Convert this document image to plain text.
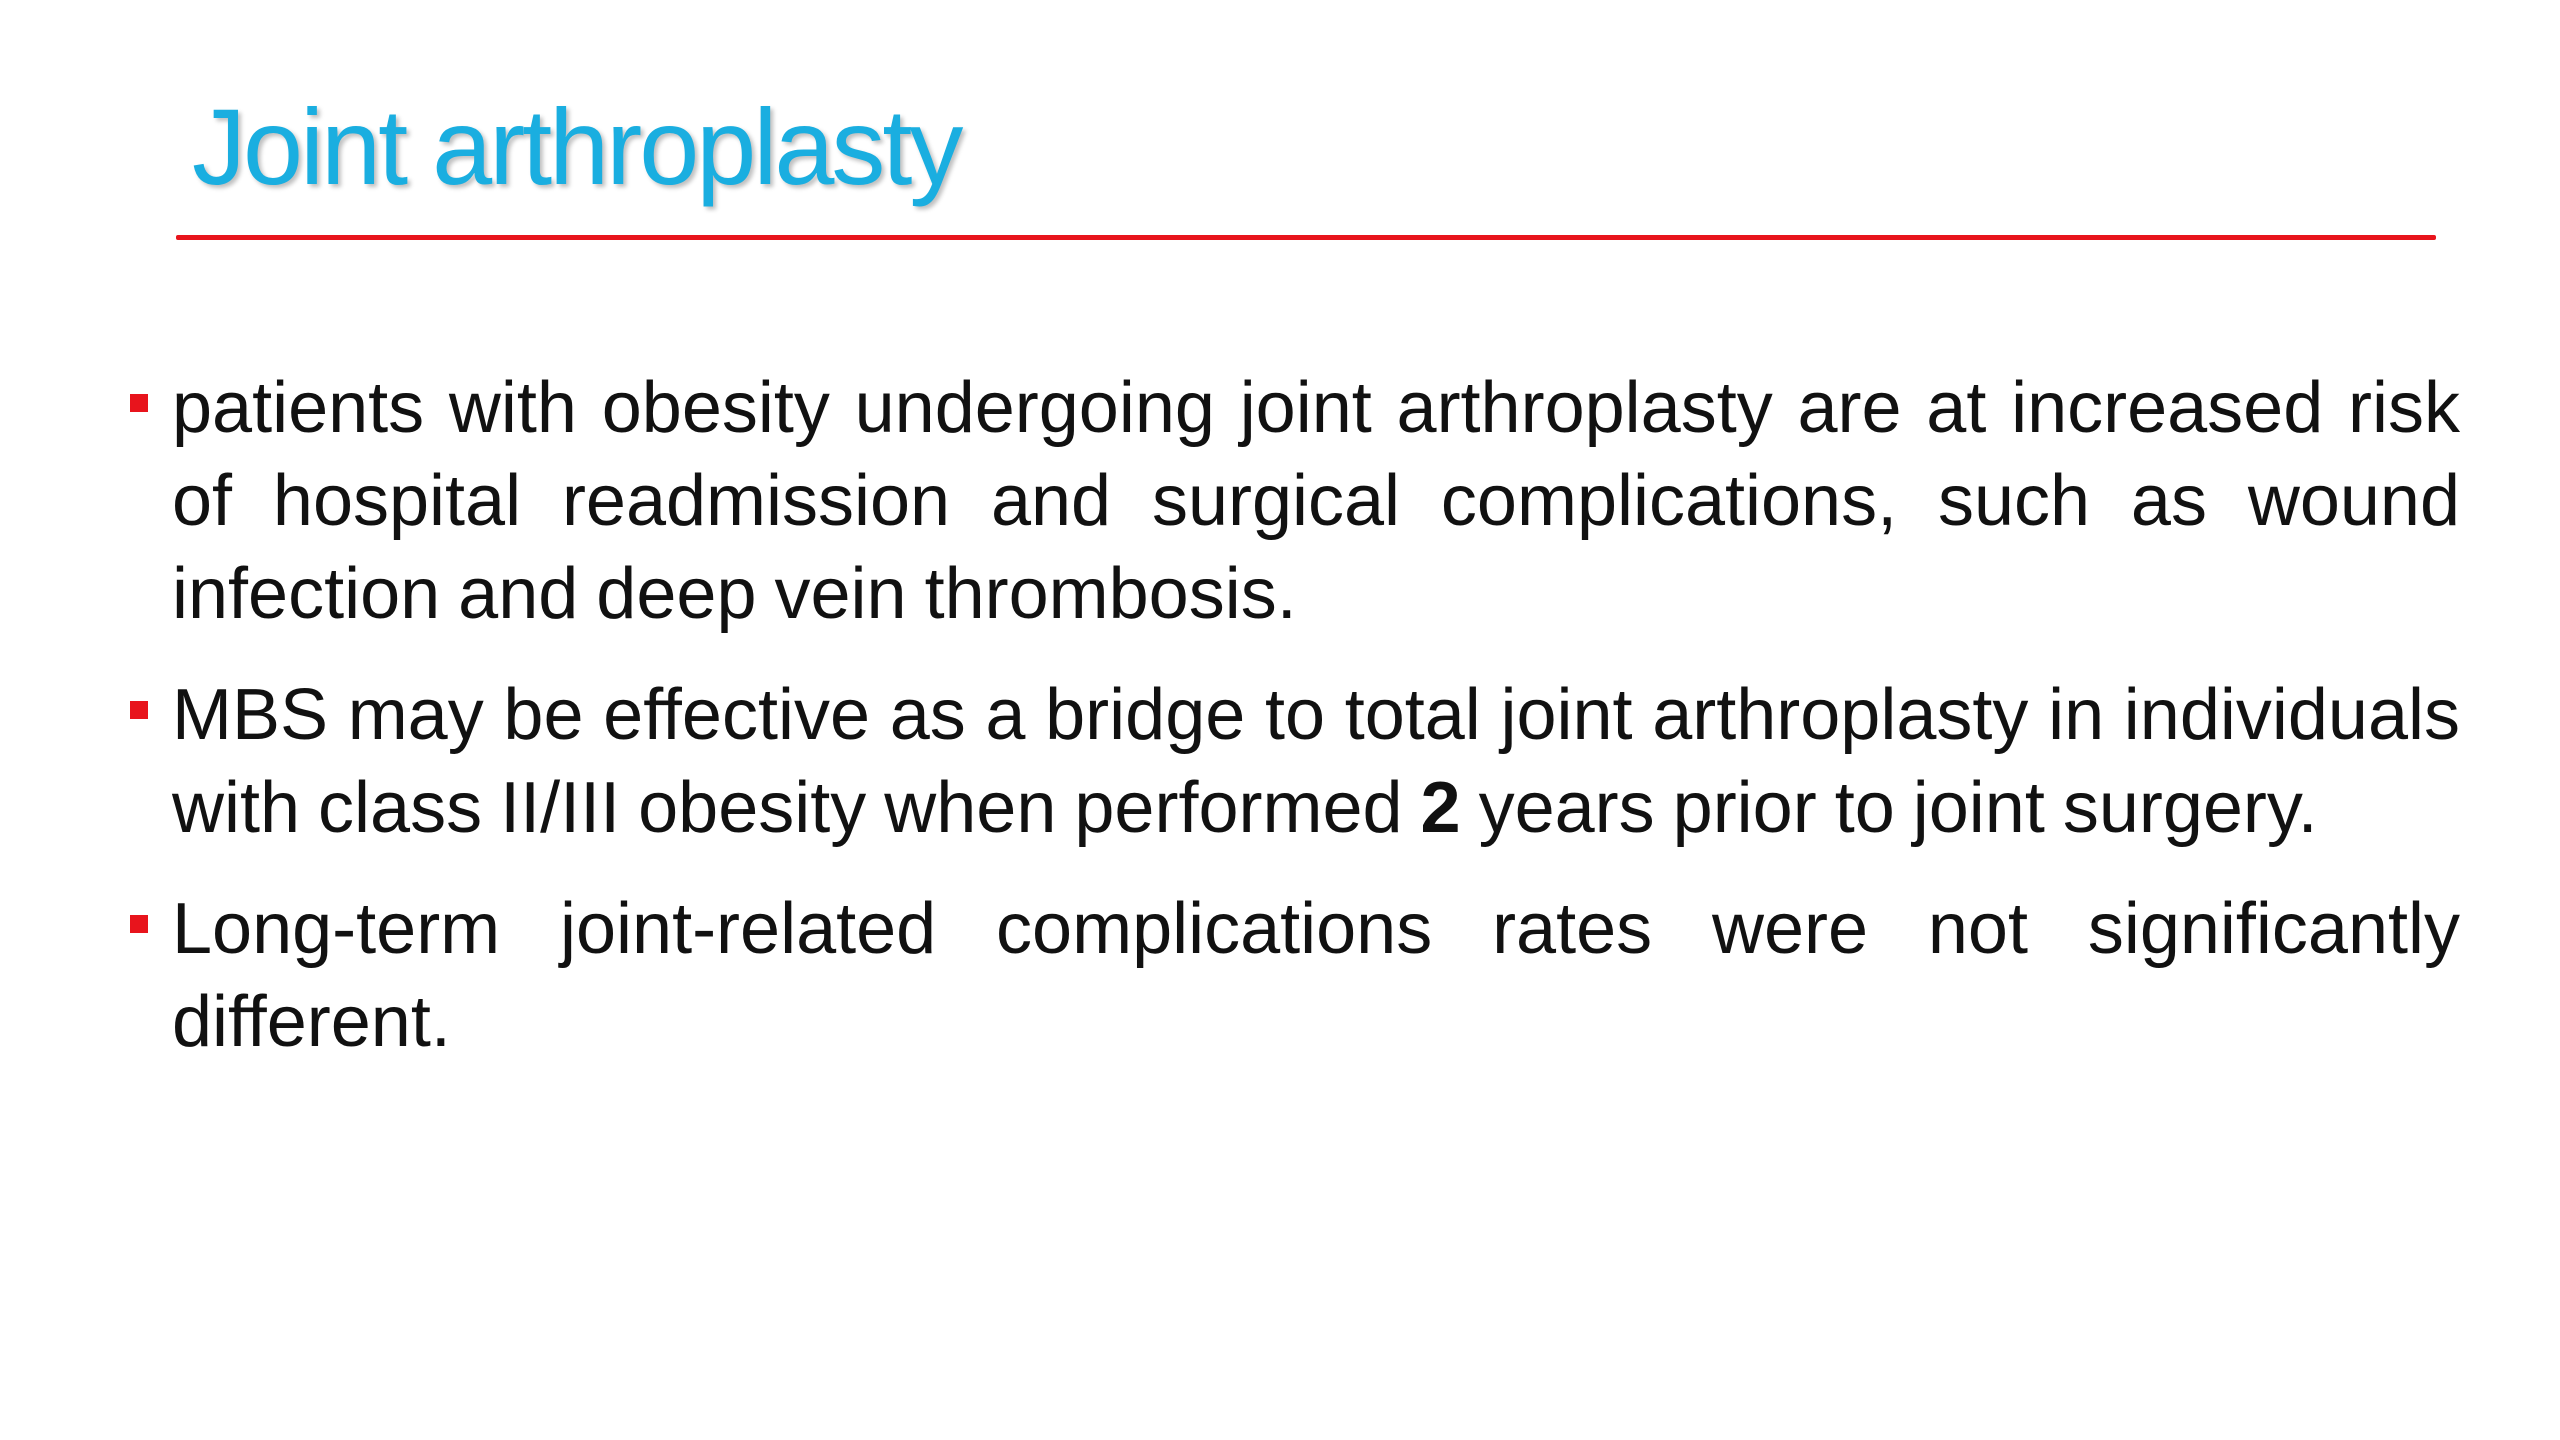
Joint arthroplasty
patients with obesity undergoing joint arthroplasty are at increased risk of hospital readmission and surgical complications, such as wound infection and deep vein thrombosis.
MBS may be effective as a bridge to total joint arthroplasty in individuals with class II/III obesity when performed 2 years prior to joint surgery.
Long-term joint-related complications rates were not significantly different.
